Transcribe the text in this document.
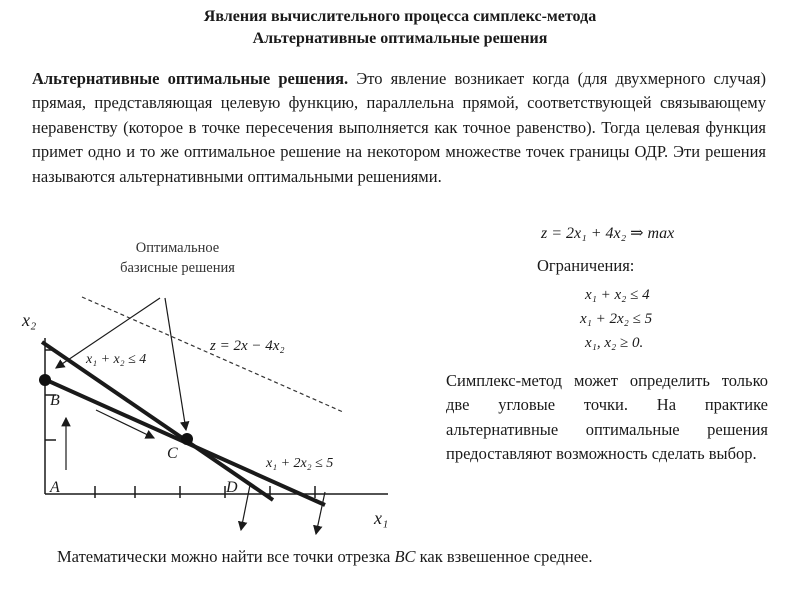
Явления вычислительного процесса симплекс-метода
Альтернативные оптимальные решения
Альтернативные оптимальные решения. Это явление возникает когда (для двухмерного случая) прямая, представляющая целевую функцию, параллельна прямой, соответствующей связывающему неравенству (которое в точке пересечения выполняется как точное равенство). Тогда целевая функция примет одно и то же оптимальное решение на некотором множестве точек границы ОДР. Эти решения называются альтернативными оптимальными решениями.
z = 2x₁ + 4x₂ ⇒ max
Ограничения:
x₁ + x₂ ≤ 4
x₁ + 2x₂ ≤ 5
x₁, x₂ ≥ 0.
Оптимальное базисные решения
x₂
x₁
z = 2x − 4x₂
x₁ + x₂ ≤ 4
x₁ + 2x₂ ≤ 5
B
C
A	D
Симплекс-метод может определить только две угловые точки. На практике альтернативные оптимальные решения предоставляют возможность сделать выбор.
Математически можно найти все точки отрезка BC как взвешенное среднее.
